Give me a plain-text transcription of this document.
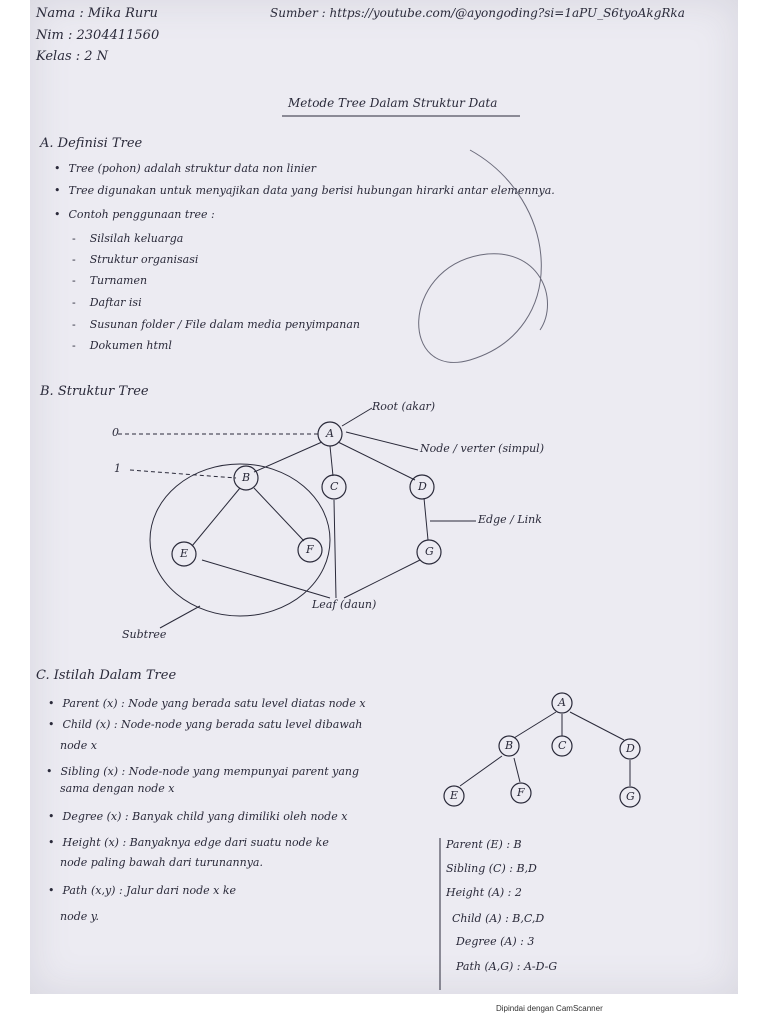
Nama : Mika Ruru
Nim : 2304411560
Kelas : 2 N
Sumber : https://youtube.com/@ayongoding?si=1aPU_S6tyoAkgRka
Metode Tree Dalam Struktur Data
A. Definisi Tree
• Tree (pohon) adalah struktur data non linier
• Tree digunakan untuk menyajikan data yang berisi hubungan hirarki antar elemennya.
• Contoh penggunaan tree :
- Silsilah keluarga
- Struktur organisasi
- Turnamen
- Daftar isi
- Susunan folder / File dalam media penyimpanan
- Dokumen html
B. Struktur Tree
0
1
Root (akar)
Node / verter (simpul)
Edge / Link
Leaf (daun)
Subtree
A
B
C	D
E	F	G
C. Istilah Dalam Tree
• Parent (x) : Node yang berada satu level diatas node x
• Child (x) : Node-node yang berada satu level dibawah
node x
• Sibling (x) : Node-node yang mempunyai parent yang
sama dengan node x
• Degree (x) : Banyak child yang dimiliki oleh node x
• Height (x) : Banyaknya edge dari suatu node ke
node paling bawah dari turunannya.
• Path (x,y) : Jalur dari node x ke
node y.
A
B	C	D
E	F	G
Parent (E) : B
Sibling (C) : B,D
Height (A) : 2
Child (A) : B,C,D
Degree (A) : 3
Path (A,G) : A-D-G
Dipindai dengan CamScanner
